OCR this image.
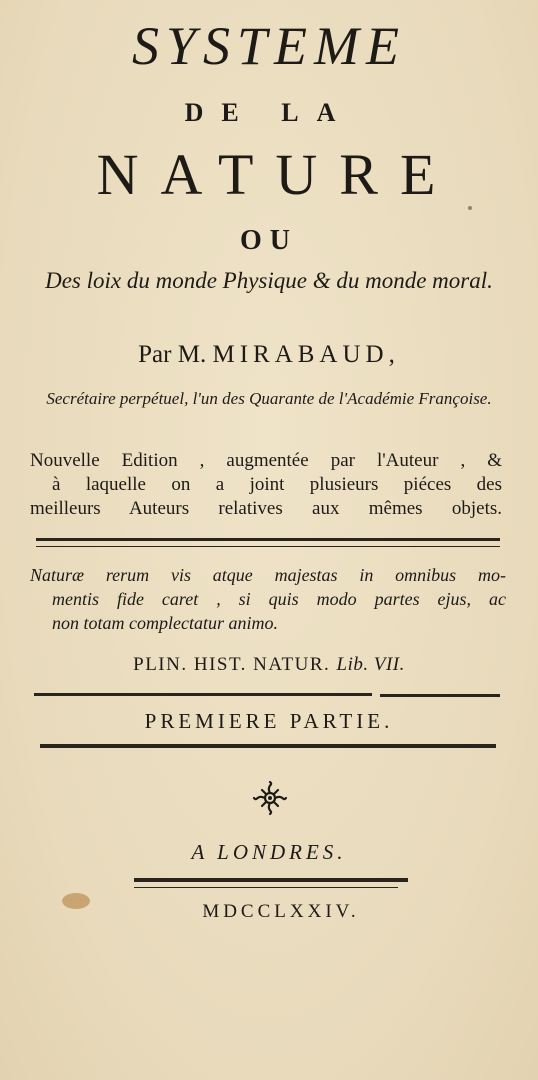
SYSTEME
DE LA
NATURE
OU
Des loix du monde Physique & du monde moral.
Par M. MIRABAUD,
Secrétaire perpétuel, l'un des Quarante de l'Académie Françoise.
Nouvelle Edition , augmentée par l'Auteur , &
à laquelle on a joint plusieurs piéces des
meilleurs Auteurs relatives aux mêmes objets.
Naturæ rerum vis atque majestas in omnibus mo-
mentis fide caret , si quis modo partes ejus, ac
non totam complectatur animo.
PLIN. HIST. NATUR. Lib. VII.
PREMIERE PARTIE.
A LONDRES.
MDCCLXXIV.
